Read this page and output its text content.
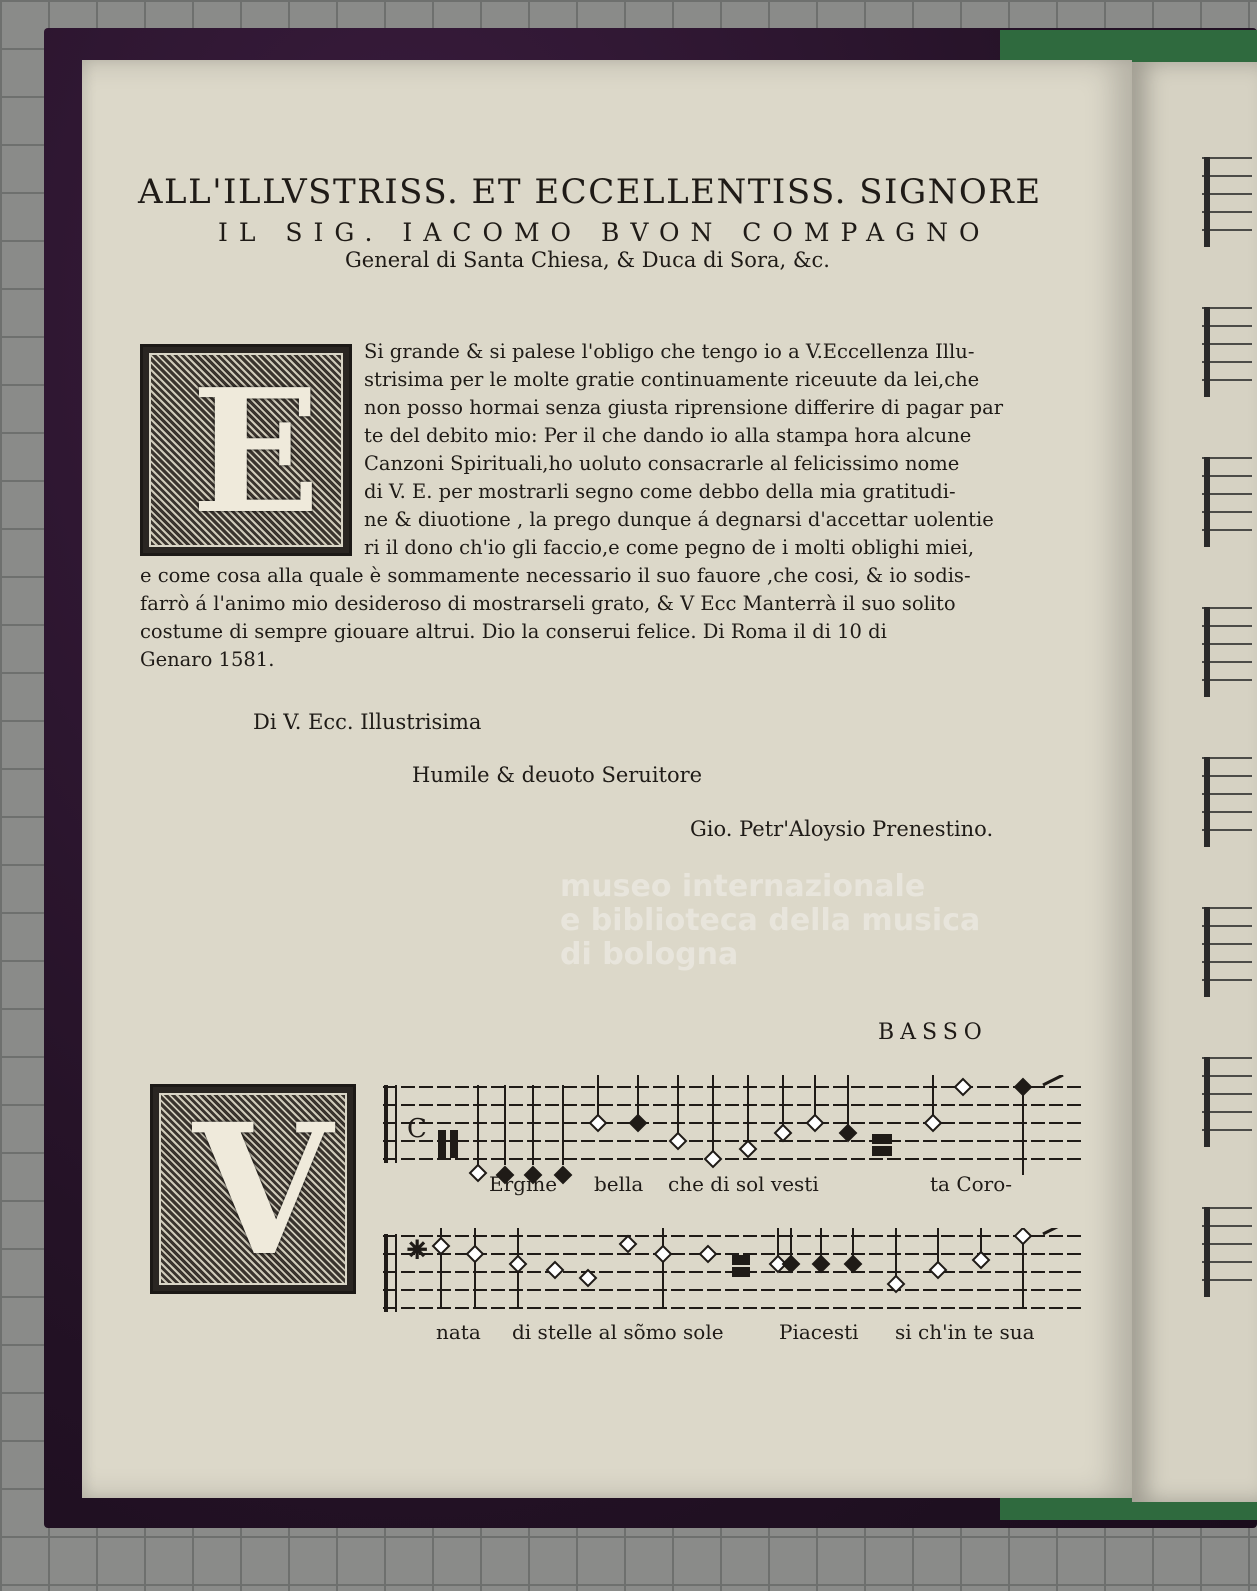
museo internazionale
e biblioteca della musica
di bologna
ALL'ILLVSTRISS. ET ECCELLENTISS. SIGNORE
IL SIG. IACOMO BVON COMPAGNO
General di Santa Chiesa, & Duca di Sora, &c.
E
Si grande & si palese l'obligo che tengo io a V.Eccellenza Illu-
strisima per le molte gratie continuamente riceuute da lei,che
non posso hormai senza giusta riprensione differire di pagar par
te del debito mio: Per il che dando io alla stampa hora alcune
Canzoni Spirituali,ho uoluto consacrarle al felicissimo nome
di V. E. per mostrarli segno come debbo della mia gratitudi-
ne & diuotione , la prego dunque á degnarsi d'accettar uolentie
ri il dono ch'io gli faccio,e come pegno de i molti oblighi miei,
e come cosa alla quale è sommamente necessario il suo fauore ,che cosi, & io sodis-
farrò á l'animo mio desideroso di mostrarseli grato, & V Ecc Manterrà il suo solito
costume di sempre giouare altrui. Dio la conserui felice. Di Roma il di 10 di
Genaro 1581.
Di V. Ecc. Illustrisima
Humile & deuoto Seruitore
Gio. Petr'Aloysio Prenestino.
BASSO
V	C
Ergine bella che di sol vesti	ta Coro-
✳
nata di stelle al sõmo sole	Piacesti si ch'in te sua
